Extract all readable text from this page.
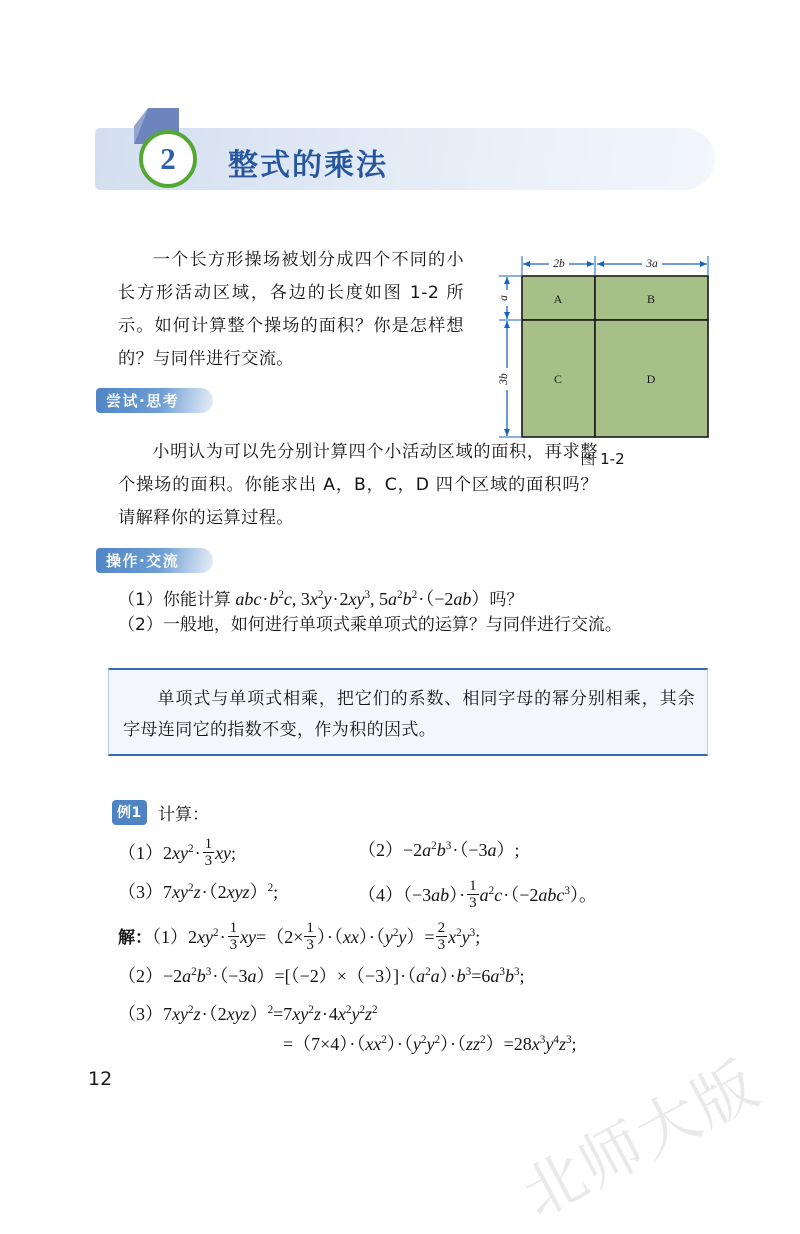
北师大版
2 整式的乘法
一个长方形操场被划分成四个不同的小长方形活动区域，各边的长度如图 1-2 所示。如何计算整个操场的面积？你是怎样想的？与同伴进行交流。
A	B
C	D
2b	3a
a
3b
图 1-2
尝试·思考
小明认为可以先分别计算四个小活动区域的面积，再求整个操场的面积。你能求出 A，B，C，D 四个区域的面积吗？请解释你的运算过程。
操作·交流
（1）你能计算 $abc\cdot b^2c$, $3x^2y\cdot 2xy^3$, $5a^2b^2\cdot(-2ab)$吗？
（2）一般地，如何进行单项式乘单项式的运算？与同伴进行交流。
单项式与单项式相乘，把它们的系数、相同字母的幂分别相乘，其余字母连同它的指数不变，作为积的因式。
例1 计算：
$(1)2xy^2\cdot \frac{1}{3}$ xy;	$(2)-2a^2b^3\cdot(-3a)$;
$(3)7xy^2z\cdot(2xyz)^2$;	$(4)(-3ab)\cdot \frac{1}{3} a^2c\cdot(-2abc^3)$。
解：$(1)2xy^2\cdot \frac{1}{3} xy=(2\times \frac{1}{3} )\cdot(xx)\cdot(y^2y)= \frac{2}{3} x^2y^3$;
$(2)-2a^2b^3\cdot(-3a)=[(-2)\times(-3)]\cdot(a^2a)\cdot b^3=6a^3b^3$;
$(3)7xy^2z\cdot(2xyz)^2=7xy^2z\cdot 4x^2y^2z^2$
$=(7\times 4)\cdot(xx^2)\cdot(y^2y^2)\cdot(zz^2)=28x^3y^4z^3$;
12
